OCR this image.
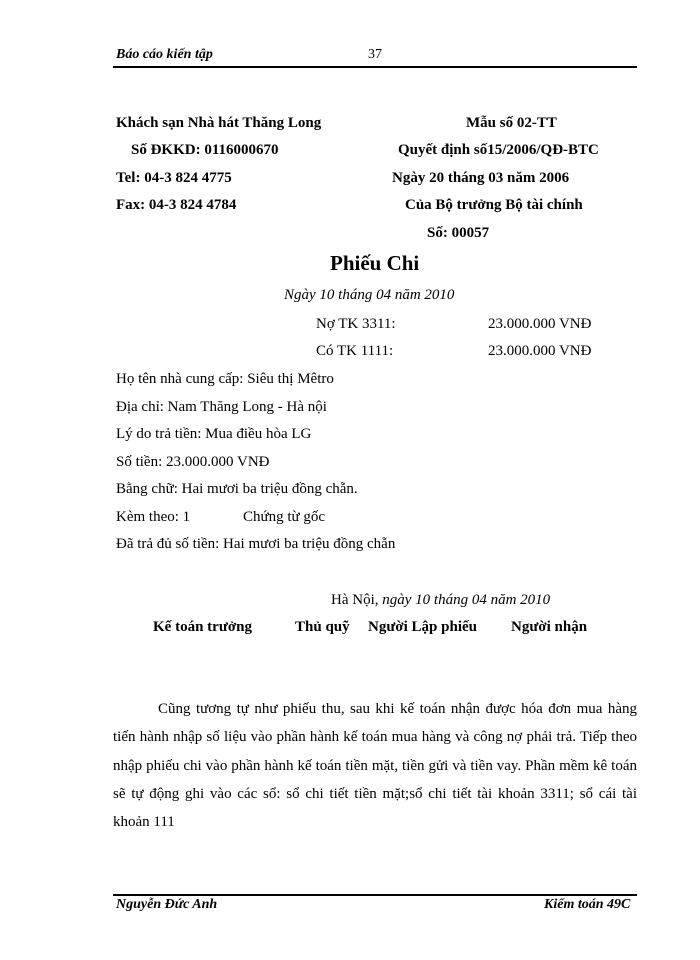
Báo cáo kiến tập	37
Khách sạn Nhà hát Thăng Long
Số ĐKKD: 0116000670
Tel: 04-3 824 4775
Fax: 04-3 824 4784
Mẫu số 02-TT
Quyết định số15/2006/QĐ-BTC
Ngày 20 tháng 03 năm 2006
Của Bộ trưởng Bộ tài chính
Số: 00057
Phiếu Chi
Ngày 10 tháng 04 năm 2010
Nợ TK 3311:	23.000.000 VNĐ
Có TK 1111:	23.000.000 VNĐ
Họ tên nhà cung cấp: Siêu thị Mêtro
Địa chỉ: Nam Thăng Long - Hà nội
Lý do trả tiền: Mua điều hòa LG
Số tiền: 23.000.000 VNĐ
Bằng chữ: Hai mươi ba triệu đồng chẵn.
Kèm theo: 1	Chứng từ gốc
Đã trả đủ số tiền: Hai mươi ba triệu đồng chẵn
Hà Nội, ngày 10 tháng 04 năm 2010
Kế toán trưởng	Thủ quỹ Người Lập phiếu Người nhận
Cũng tương tự như phiếu thu, sau khi kế toán nhận được hóa đơn mua hàng tiến hành nhập số liệu vào phần hành kế toán mua hàng và công nợ phải trả. Tiếp theo nhập phiếu chi vào phần hành kế toán tiền mặt, tiền gửi và tiền vay. Phần mềm kê toán sẽ tự động ghi vào các sổ: sổ chi tiết tiền mặt;sổ chi tiết tài khoản 3311; sổ cái tài khoản 111
Nguyễn Đức Anh	Kiểm toán 49C
